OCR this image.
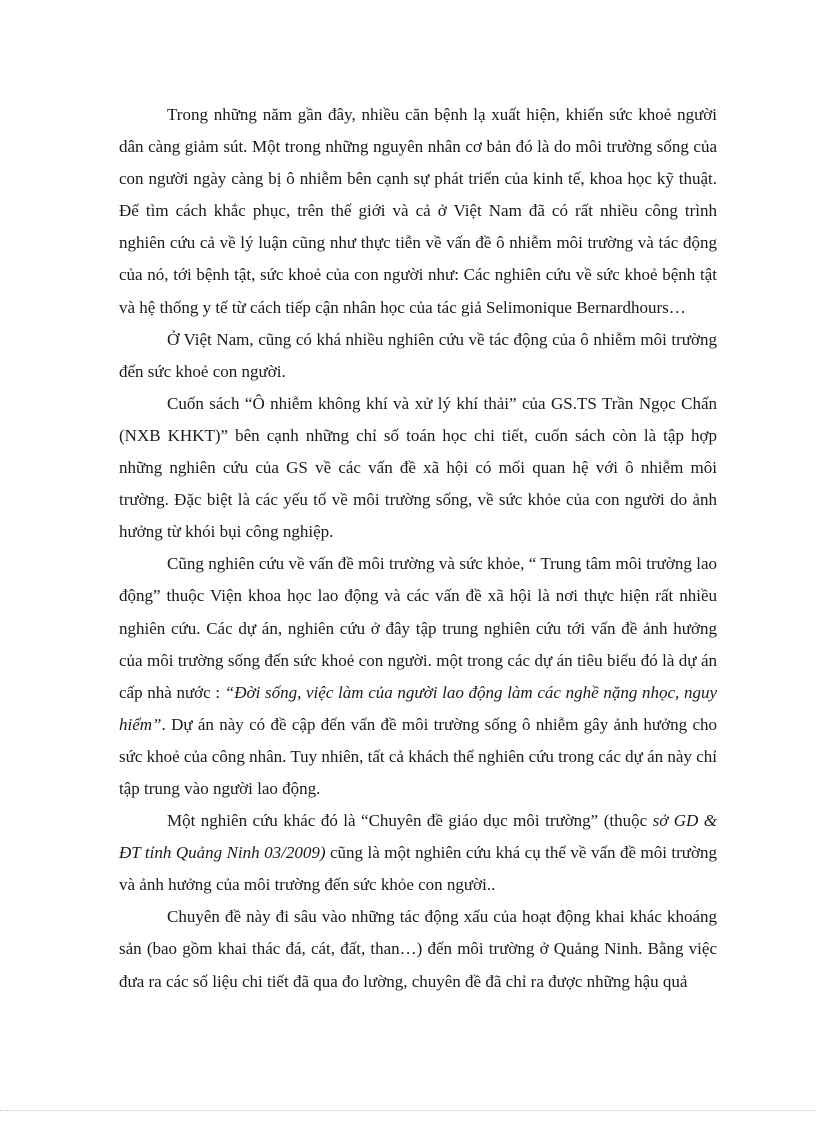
Trong những năm gần đây, nhiều căn bệnh lạ xuất hiện, khiến sức khoẻ người dân càng giảm sút. Một trong những nguyên nhân cơ bản đó là do môi trường sống của con người ngày càng bị ô nhiễm bên cạnh sự phát triển của kinh tế, khoa học kỹ thuật. Để tìm cách khắc phục, trên thế giới và cả ở Việt Nam đã có rất nhiều công trình nghiên cứu cả về lý luận cũng như thực tiễn về vấn đề ô nhiễm môi trường và tác động của nó, tới bệnh tật, sức khoẻ của con người như: Các nghiên cứu về sức khoẻ bệnh tật và hệ thống y tế từ cách tiếp cận nhân học của tác giả Selimonique Bernardhours…

Ở Việt Nam, cũng có khá nhiều nghiên cứu về tác động của ô nhiễm môi trường đến sức khoẻ con người.

Cuốn sách “Ô nhiễm không khí và xử lý khí thải” của GS.TS Trần Ngọc Chấn (NXB KHKT)” bên cạnh những chỉ số toán học chi tiết, cuốn sách còn là tập hợp những nghiên cứu của GS về các vấn đề xã hội có mối quan hệ với ô nhiễm môi trường. Đặc biệt là các yếu tố về môi trường sống, về sức khỏe của con người do ảnh hưởng từ khói bụi công nghiệp.

Cũng nghiên cứu về vấn đề môi trường và sức khỏe, “ Trung tâm môi trường lao động” thuộc Viện khoa học lao động và các vấn đề xã hội là nơi thực hiện rất nhiều nghiên cứu. Các dự án, nghiên cứu ở đây tập trung nghiên cứu tới vấn đề ảnh hưởng của môi trường sống đến sức khoẻ con người. một trong các dự án tiêu biểu đó là dự án cấp nhà nước : “Đời sống, việc làm của người lao động làm các nghề nặng nhọc, nguy hiểm”. Dự án này có đề cập đến vấn đề môi trường sống ô nhiễm gây ảnh hưởng cho sức khoẻ của công nhân. Tuy nhiên, tất cả khách thể nghiên cứu trong các dự án này chỉ tập trung vào người lao động.

Một nghiên cứu khác đó là “Chuyên đề giáo dục môi trường” (thuộc sở GD & ĐT tỉnh Quảng Ninh 03/2009) cũng là một nghiên cứu khá cụ thể về vấn đề môi trường và ảnh hưởng của môi trường đến sức khỏe con người..

Chuyên đề này đi sâu vào những tác động xấu của hoạt động khai khác khoáng sản (bao gồm khai thác đá, cát, đất, than…) đến môi trường ở Quảng Ninh. Bằng việc đưa ra các số liệu chi tiết đã qua đo lường, chuyên đề đã chỉ ra được những hậu quả
